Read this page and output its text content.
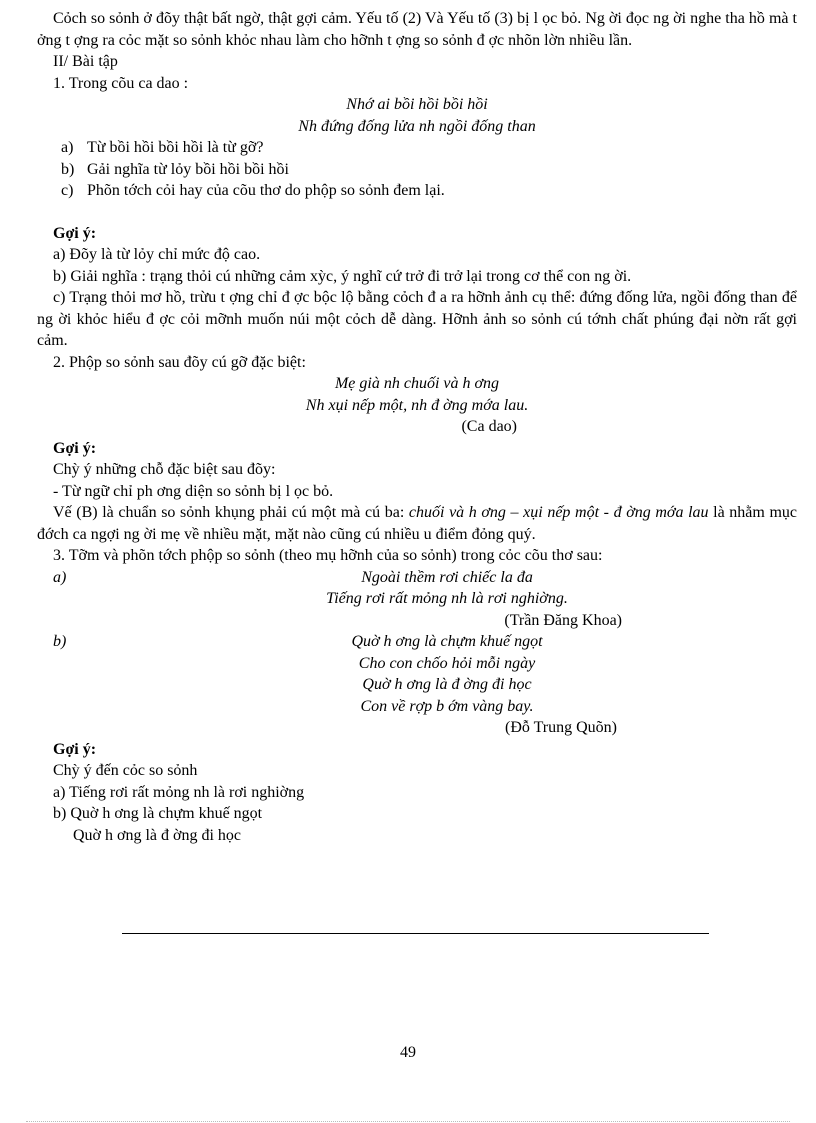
Cỏch so sỏnh ở đõy thật bất ngờ, thật gợi cảm. Yếu tố (2) Và Yếu tố (3) bị l ọc bỏ. Ng ời đọc ng ời nghe tha hồ mà t ởng t ợng ra cỏc mặt so sỏnh khỏc nhau làm cho hỡnh t ợng so sỏnh đ ợc nhõn lờn nhiều lần.

II/ Bài tập

1. Trong cõu ca dao :

Nhớ ai bồi hồi bồi hồi

Nh đứng đống lửa nh ngồi đống than

a) Từ bồi hồi bồi hồi là từ gỡ?

b) Gải nghĩa từ lỏy bồi hồi bồi hồi

c) Phõn tớch cỏi hay của cõu thơ do phộp so sỏnh đem lại.

Gợi ý:

a) Đõy là từ lỏy chỉ mức độ cao.

b) Giải nghĩa : trạng thỏi cú những cảm xỳc, ý nghĩ cứ trở đi trở lại trong cơ thể con ng ời.

c) Trạng thỏi mơ hồ, trừu t ợng chỉ đ ợc bộc lộ bằng cỏch đ a ra hỡnh ảnh cụ thể: đứng đống lửa, ngồi đống than để ng ời khỏc hiểu đ ợc cỏi mỡnh muốn núi một cỏch dễ dàng. Hỡnh ảnh so sỏnh cú tớnh chất phúng đại nờn rất gợi cảm.

2. Phộp so sỏnh sau đõy cú gỡ đặc biệt:

Mẹ già nh chuối và h ơng

Nh xụi nếp một, nh đ ờng mớa lau.

(Ca dao)

Gợi ý:

Chỳ ý những chỗ đặc biệt sau đõy:

- Từ ngữ chỉ ph ơng diện so sỏnh bị l ọc bỏ.

Vế (B) là chuẩn so sỏnh khụng phải cú một mà cú ba: chuối và h ơng – xụi nếp một - đ ờng mớa lau là nhằm mục đớch ca ngợi ng ời mẹ về nhiều mặt, mặt nào cũng cú nhiều u điểm đỏng quý.

3. Tỡm và phõn tớch phộp so sỏnh (theo mụ hỡnh của so sỏnh) trong cỏc cõu thơ sau:

a)	Ngoài thềm rơi chiếc la đa
Tiếng rơi rất mỏng nh là rơi nghiờng.

(Trần Đăng Khoa)

b)	Quờ h ơng là chựm khuế ngọt
Cho con chốo hỏi mỗi ngày
Quờ h ơng là đ ờng đi học
Con về rợp b ớm vàng bay.

(Đỗ Trung Quõn)

Gợi ý:

Chỳ ý đến cỏc so sỏnh

a) Tiếng rơi rất mỏng nh là rơi nghiờng

b) Quờ h ơng là chựm khuế ngọt

Quờ h ơng là đ ờng đi học

49
